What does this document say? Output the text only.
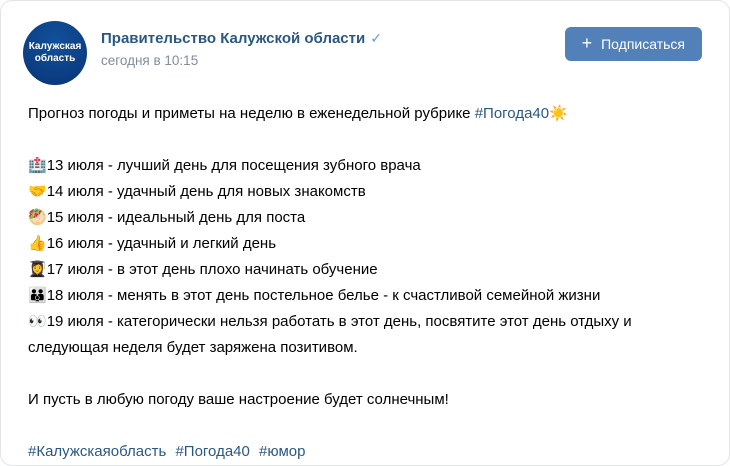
Калужская
область
Правительство Калужской области ✓
сегодня в 10:15
+ Подписаться

Прогноз погоды и приметы на неделю в еженедельной рубрике #Погода40☀️

🏥13 июля - лучший день для посещения зубного врача
🤝14 июля - удачный день для новых знакомств
🥙15 июля - идеальный день для поста
👍16 июля - удачный и легкий день
👩‍🎓17 июля - в этот день плохо начинать обучение
👪18 июля - менять в этот день постельное белье - к счастливой семейной жизни
👀19 июля - категорически нельзя работать в этот день, посвятите этот день отдыху и следующая неделя будет заряжена позитивом.

И пусть в любую погоду ваше настроение будет солнечным!

#Калужскаяобласть #Погода40 #юмор
